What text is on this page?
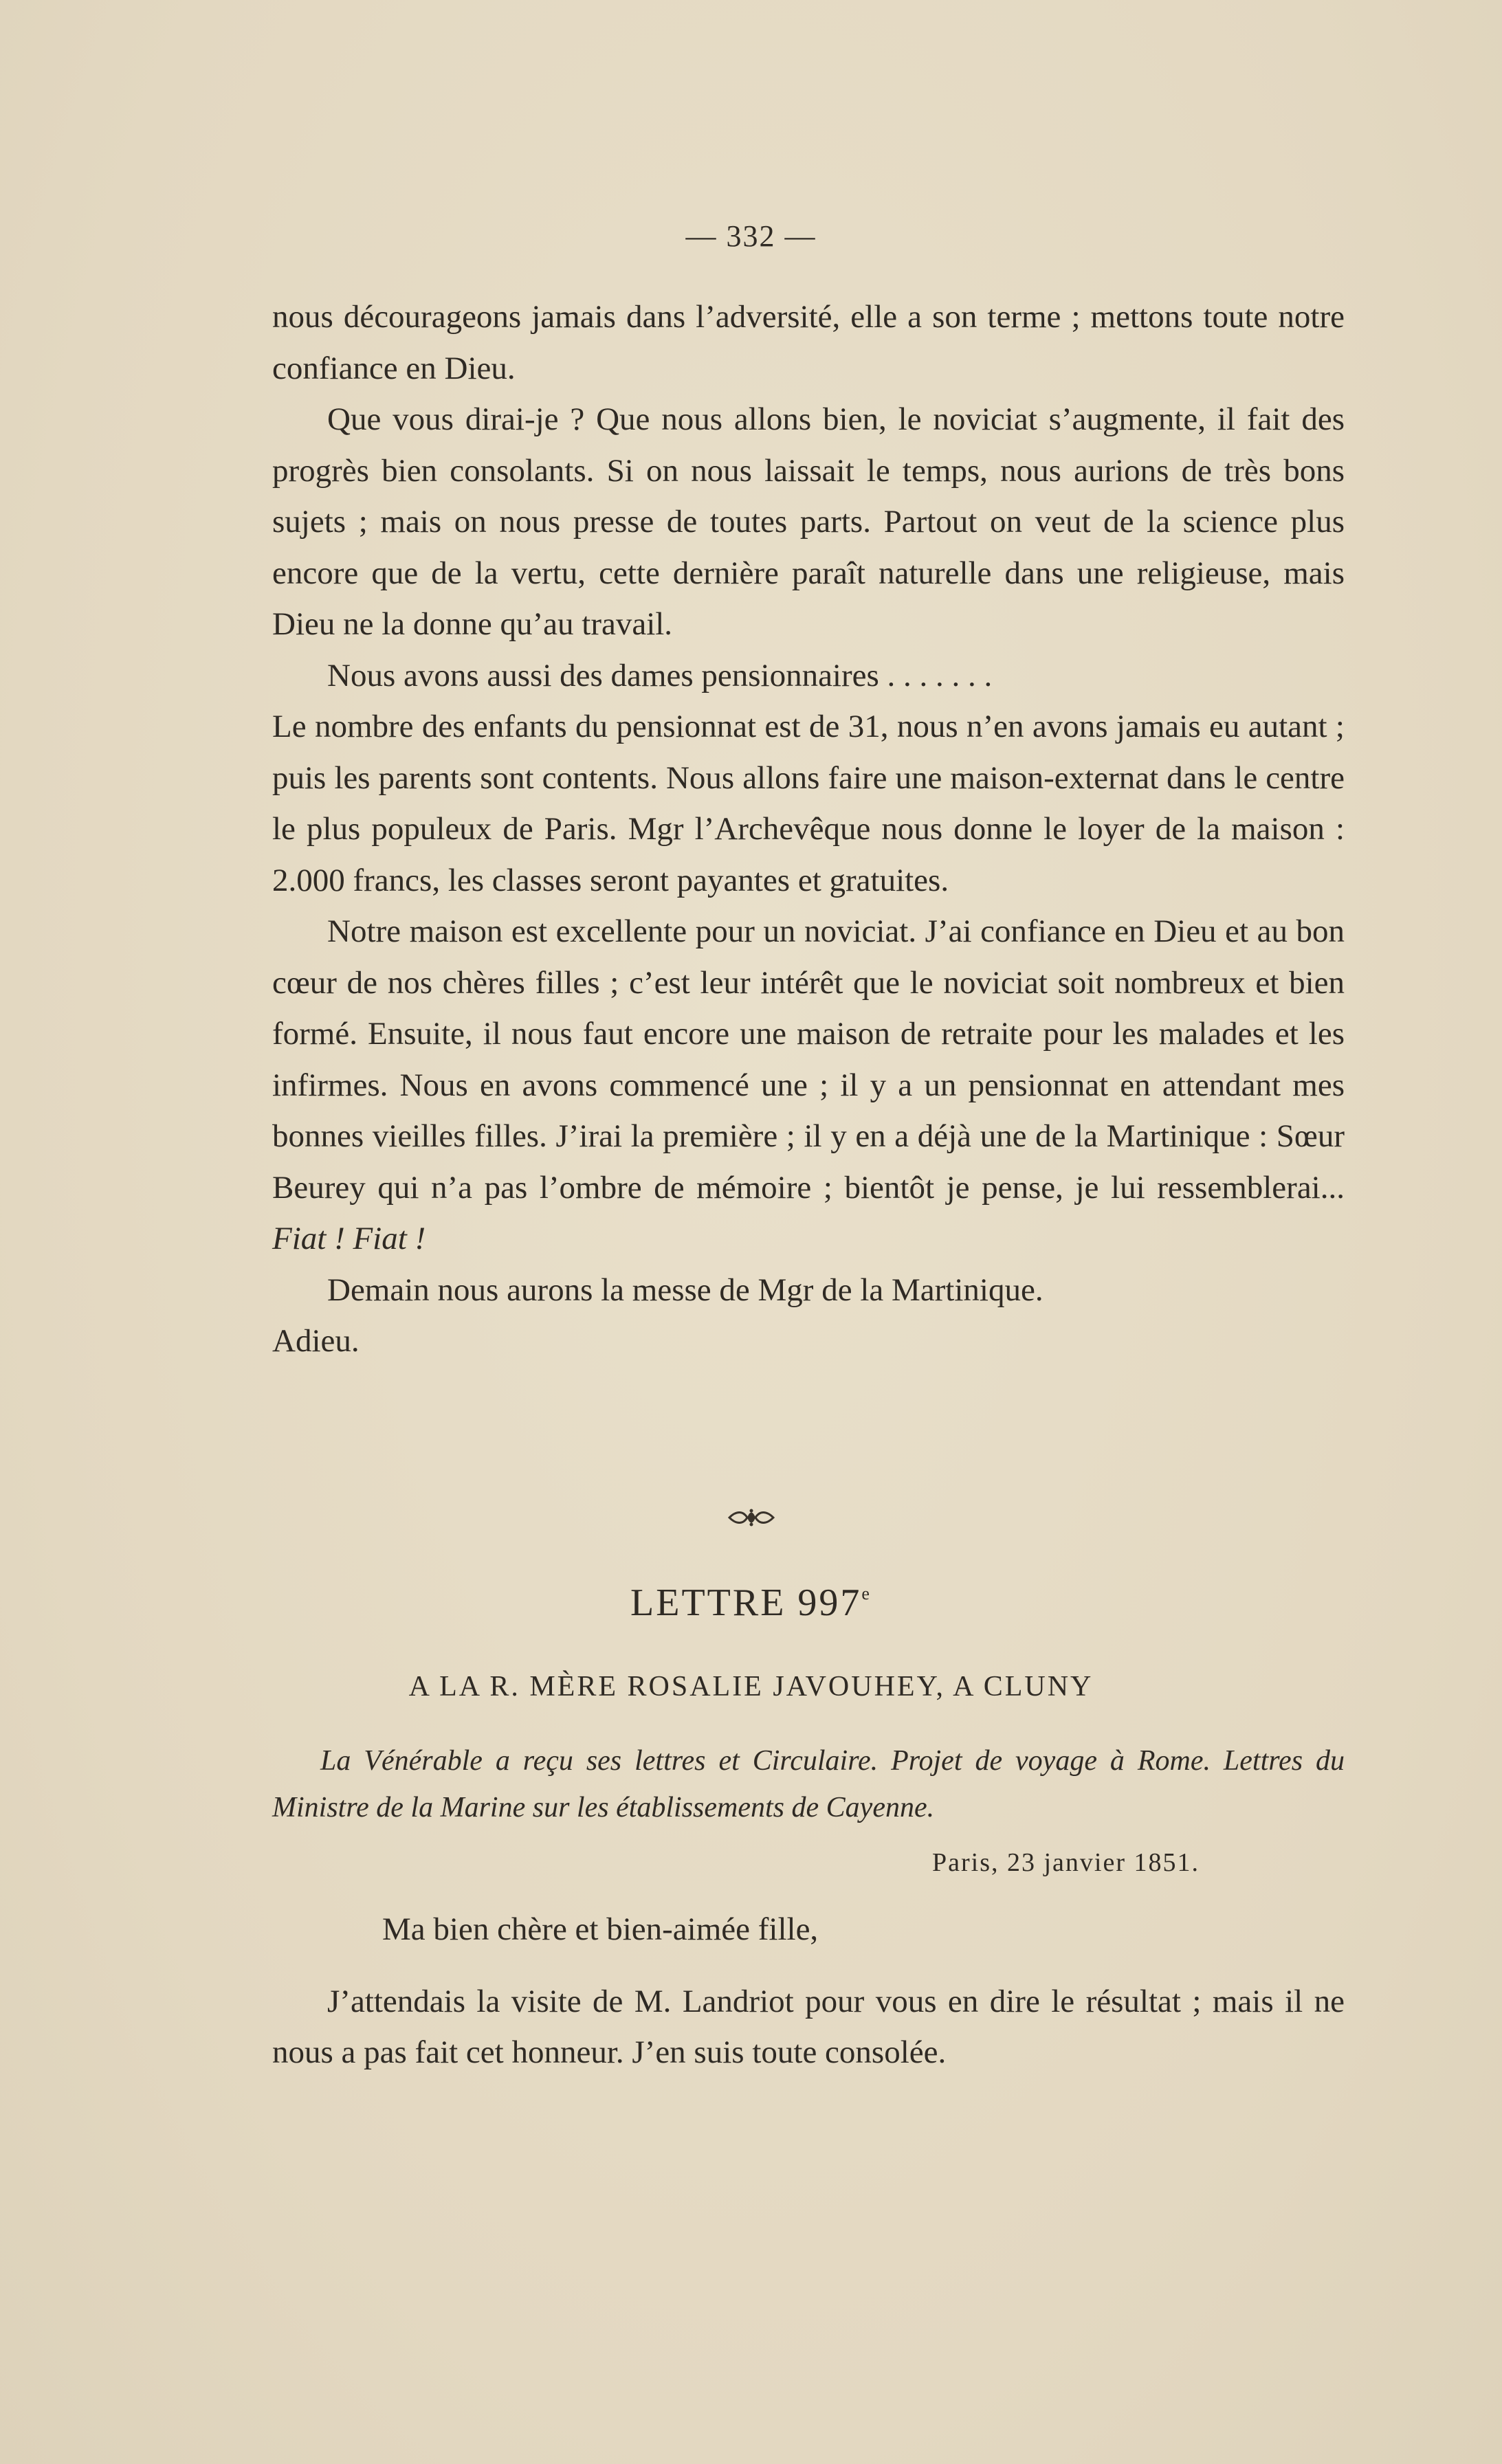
— 332 —

nous décourageons jamais dans l’adversité, elle a son terme ; mettons toute notre confiance en Dieu.

Que vous dirai-je ? Que nous allons bien, le noviciat s’augmente, il fait des progrès bien consolants. Si on nous laissait le temps, nous aurions de très bons sujets ; mais on nous presse de toutes parts. Partout on veut de la science plus encore que de la vertu, cette dernière paraît naturelle dans une religieuse, mais Dieu ne la donne qu’au travail.

Nous avons aussi des dames pensionnaires . . . . . . .

Le nombre des enfants du pensionnat est de 31, nous n’en avons jamais eu autant ; puis les parents sont contents. Nous allons faire une maison-externat dans le centre le plus populeux de Paris. Mgr l’Archevêque nous donne le loyer de la maison : 2.000 francs, les classes seront payantes et gratuites.

Notre maison est excellente pour un noviciat. J’ai confiance en Dieu et au bon cœur de nos chères filles ; c’est leur intérêt que le noviciat soit nombreux et bien formé. Ensuite, il nous faut encore une maison de retraite pour les malades et les infirmes. Nous en avons commencé une ; il y a un pensionnat en attendant mes bonnes vieilles filles. J’irai la première ; il y en a déjà une de la Martinique : Sœur Beurey qui n’a pas l’ombre de mémoire ; bientôt je pense, je lui ressemblerai... Fiat ! Fiat !

Demain nous aurons la messe de Mgr de la Martinique.

Adieu.

LETTRE 997e
A LA R. MÈRE ROSALIE JAVOUHEY, A CLUNY

La Vénérable a reçu ses lettres et Circulaire. Projet de voyage à Rome. Lettres du Ministre de la Marine sur les établissements de Cayenne.

Paris, 23 janvier 1851.

Ma bien chère et bien-aimée fille,

J’attendais la visite de M. Landriot pour vous en dire le résultat ; mais il ne nous a pas fait cet honneur. J’en suis toute consolée.
